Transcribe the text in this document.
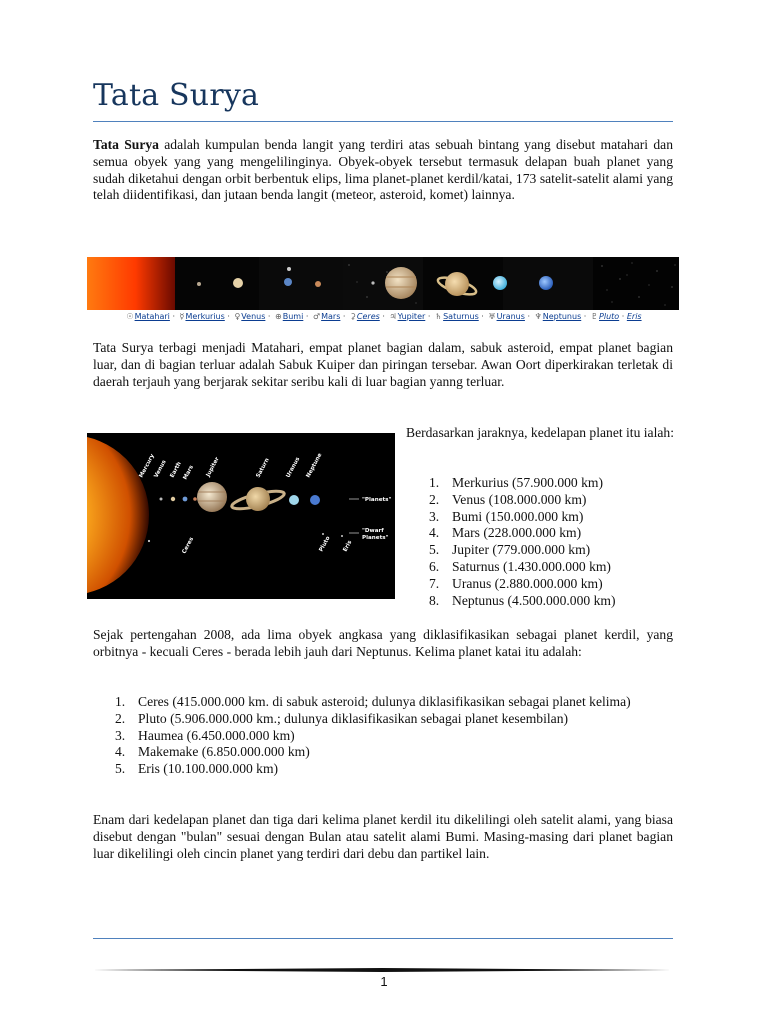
Tata Surya

Tata Surya adalah kumpulan benda langit yang terdiri atas sebuah bintang yang disebut matahari dan semua obyek yang yang mengelilinginya. Obyek-obyek tersebut termasuk delapan buah planet yang sudah diketahui dengan orbit berbentuk elips, lima planet-planet kerdil/katai, 173 satelit-satelit alami yang telah diidentifikasi, dan jutaan benda langit (meteor, asteroid, komet) lainnya.

☉Matahari · ☿Merkurius · ♀Venus · ⊕Bumi · ♂Mars · ⚳Ceres · ♃Yupiter · ♄Saturnus · ♅Uranus · ♆Neptunus · ♇Pluto · Eris

Tata Surya terbagi menjadi Matahari, empat planet bagian dalam, sabuk asteroid, empat planet bagian luar, dan di bagian terluar adalah Sabuk Kuiper dan piringan tersebar. Awan Oort diperkirakan terletak di daerah terjauh yang berjarak sekitar seribu kali di luar bagian yanng terluar.

Mercury
Venus Earth Mars Jupiter	Saturn	Uranus Neptune
Ceres	Pluto Eris
"Planets"
"Dwarf
Planets"

Berdasarkan jaraknya, kedelapan planet itu ialah:

1. Merkurius (57.900.000 km)
2. Venus (108.000.000 km)
3. Bumi (150.000.000 km)
4. Mars (228.000.000 km)
5. Jupiter (779.000.000 km)
6. Saturnus (1.430.000.000 km)
7. Uranus (2.880.000.000 km)
8. Neptunus (4.500.000.000 km)

Sejak pertengahan 2008, ada lima obyek angkasa yang diklasifikasikan sebagai planet kerdil, yang orbitnya - kecuali Ceres - berada lebih jauh dari Neptunus. Kelima planet katai itu adalah:

1. Ceres (415.000.000 km. di sabuk asteroid; dulunya diklasifikasikan sebagai planet kelima)
2. Pluto (5.906.000.000 km.; dulunya diklasifikasikan sebagai planet kesembilan)
3. Haumea (6.450.000.000 km)
4. Makemake (6.850.000.000 km)
5. Eris (10.100.000.000 km)

Enam dari kedelapan planet dan tiga dari kelima planet kerdil itu dikelilingi oleh satelit alami, yang biasa disebut dengan "bulan" sesuai dengan Bulan atau satelit alami Bumi. Masing-masing dari planet bagian luar dikelilingi oleh cincin planet yang terdiri dari debu dan partikel lain.

1
